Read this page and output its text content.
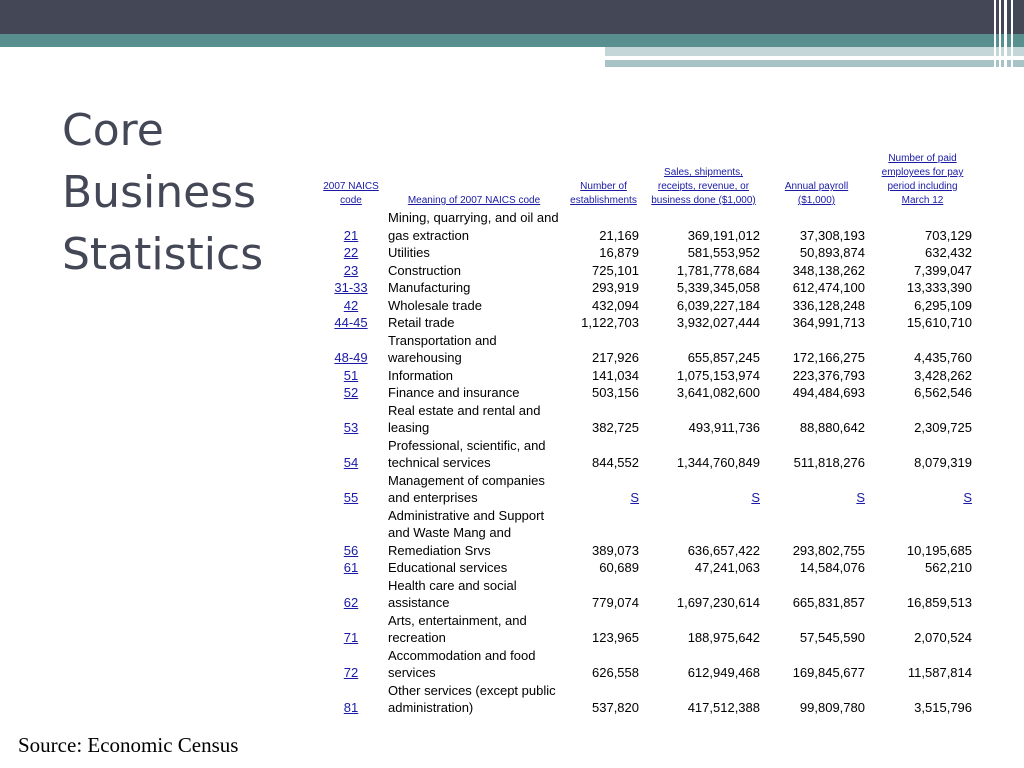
Core
Business
Statistics
2007 NAICS code	Meaning of 2007 NAICS code	Number of establishments	Sales, shipments, receipts, revenue, or business done ($1,000)	Annual payroll ($1,000)	Number of paid employees for pay period including March 12
21	Mining, quarrying, and oil and gas extraction	21,169	369,191,012	37,308,193	703,129
22	Utilities	16,879	581,553,952	50,893,874	632,432
23	Construction	725,101	1,781,778,684	348,138,262	7,399,047
31-33	Manufacturing	293,919	5,339,345,058	612,474,100	13,333,390
42	Wholesale trade	432,094	6,039,227,184	336,128,248	6,295,109
44-45	Retail trade	1,122,703	3,932,027,444	364,991,713	15,610,710
48-49	Transportation and warehousing	217,926	655,857,245	172,166,275	4,435,760
51	Information	141,034	1,075,153,974	223,376,793	3,428,262
52	Finance and insurance	503,156	3,641,082,600	494,484,693	6,562,546
53	Real estate and rental and leasing	382,725	493,911,736	88,880,642	2,309,725
54	Professional, scientific, and technical services	844,552	1,344,760,849	511,818,276	8,079,319
55	Management of companies and enterprises	S	S	S	S
56	Administrative and Support and Waste Mang and Remediation Srvs	389,073	636,657,422	293,802,755	10,195,685
61	Educational services	60,689	47,241,063	14,584,076	562,210
62	Health care and social assistance	779,074	1,697,230,614	665,831,857	16,859,513
71	Arts, entertainment, and recreation	123,965	188,975,642	57,545,590	2,070,524
72	Accommodation and food services	626,558	612,949,468	169,845,677	11,587,814
81	Other services (except public administration)	537,820	417,512,388	99,809,780	3,515,796
Source: Economic Census
